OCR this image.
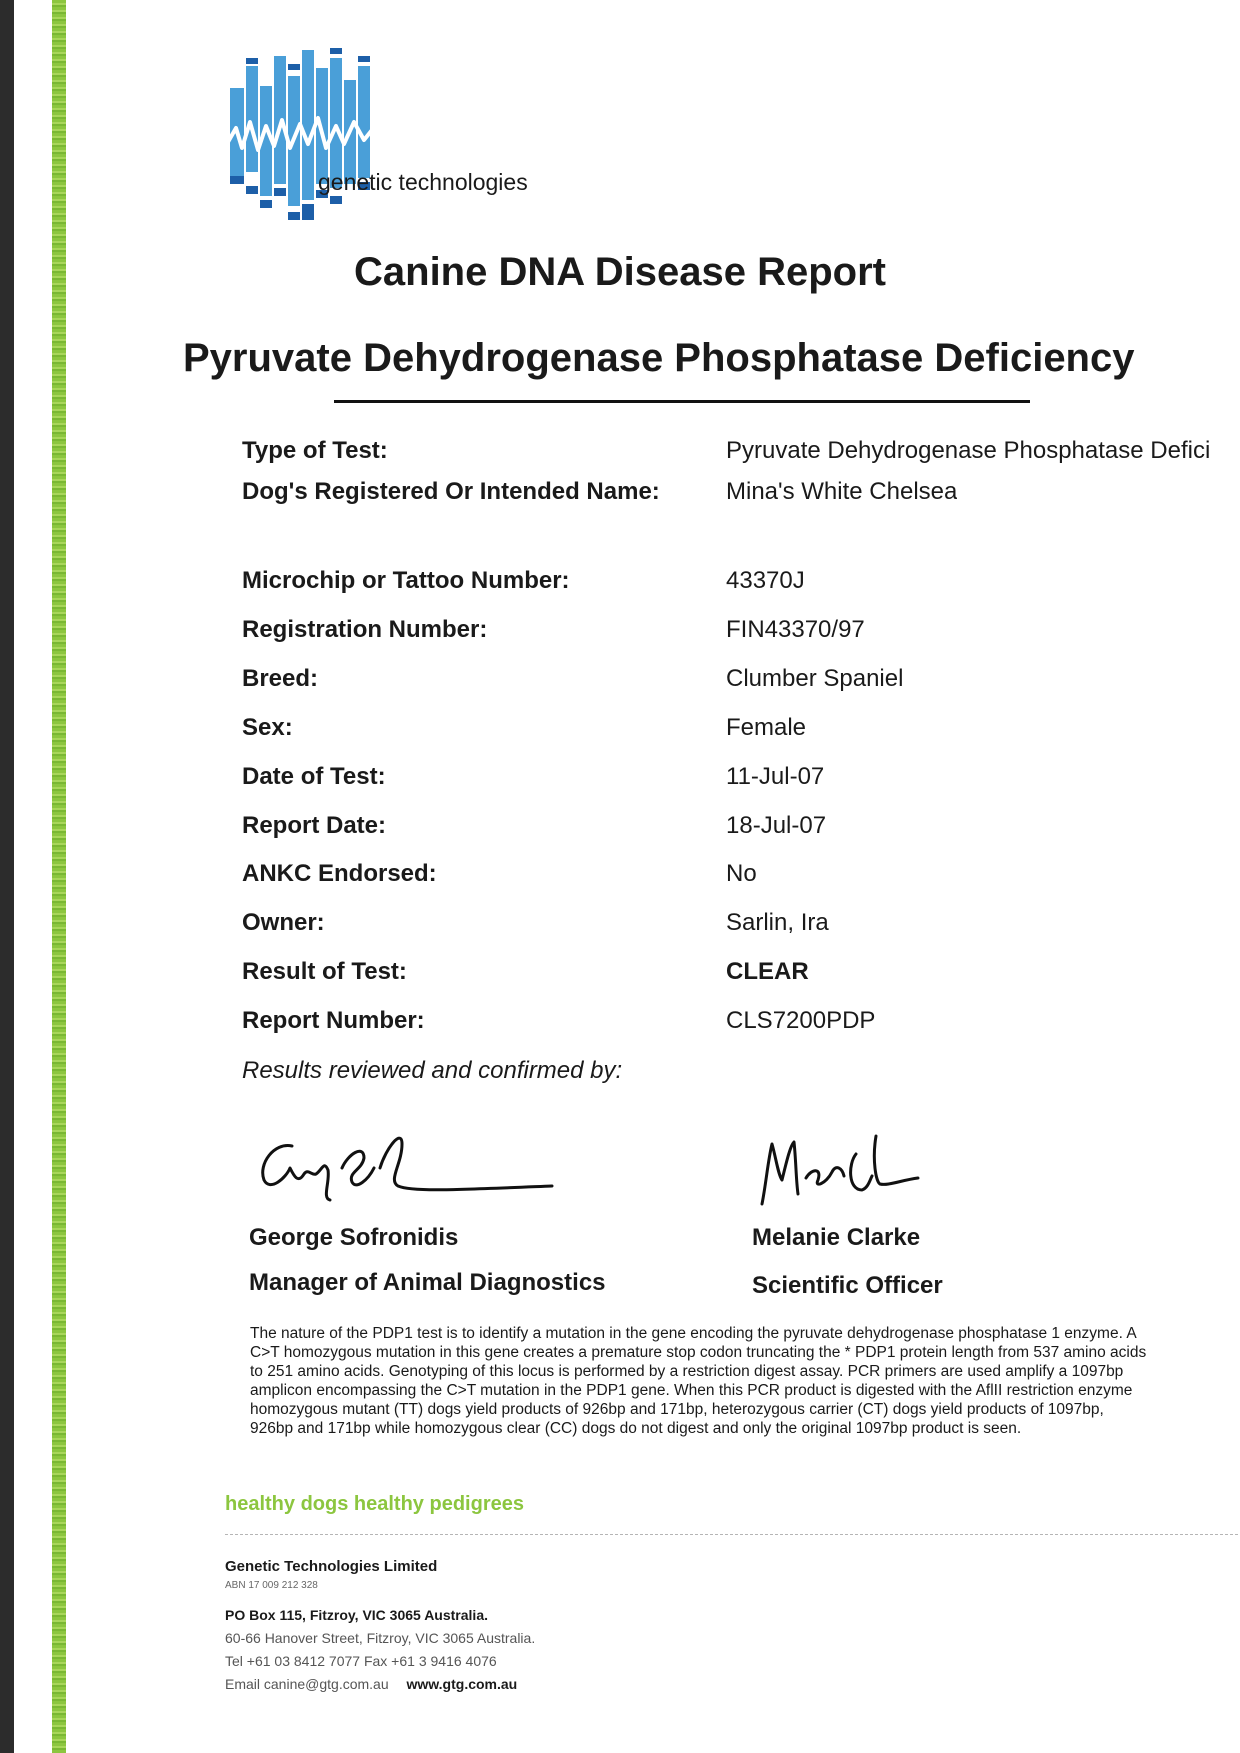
genetic technologies
Canine DNA Disease Report
Pyruvate Dehydrogenase Phosphatase Deficiency
Type of Test:	Pyruvate Dehydrogenase Phosphatase Defici
Dog's Registered Or Intended Name:	Mina's White Chelsea
Microchip or Tattoo Number:	43370J
Registration Number:	FIN43370/97
Breed:	Clumber Spaniel
Sex:	Female
Date of Test:	11-Jul-07
Report Date:	18-Jul-07
ANKC Endorsed:	No
Owner:	Sarlin, Ira
Result of Test:	CLEAR
Report Number:	CLS7200PDP
Results reviewed and confirmed by:
George Sofronidis
Manager of Animal Diagnostics
Melanie Clarke
Scientific Officer

The nature of the PDP1 test is to identify a mutation in the gene encoding the pyruvate dehydrogenase phosphatase 1 enzyme. A C>T homozygous mutation in this gene creates a premature stop codon truncating the * PDP1 protein length from 537 amino acids to 251 amino acids. Genotyping of this locus is performed by a restriction digest assay. PCR primers are used amplify a 1097bp amplicon encompassing the C>T mutation in the PDP1 gene. When this PCR product is digested with the AflII restriction enzyme homozygous mutant (TT) dogs yield products of 926bp and 171bp, heterozygous carrier (CT) dogs yield products of 1097bp, 926bp and 171bp while homozygous clear (CC) dogs do not digest and only the original 1097bp product is seen.

healthy dogs healthy pedigrees
Genetic Technologies Limited
ABN 17 009 212 328
PO Box 115, Fitzroy, VIC 3065 Australia.
60-66 Hanover Street, Fitzroy, VIC 3065 Australia.
Tel +61 03 8412 7077 Fax +61 3 9416 4076
Email canine@gtg.com.au www.gtg.com.au
